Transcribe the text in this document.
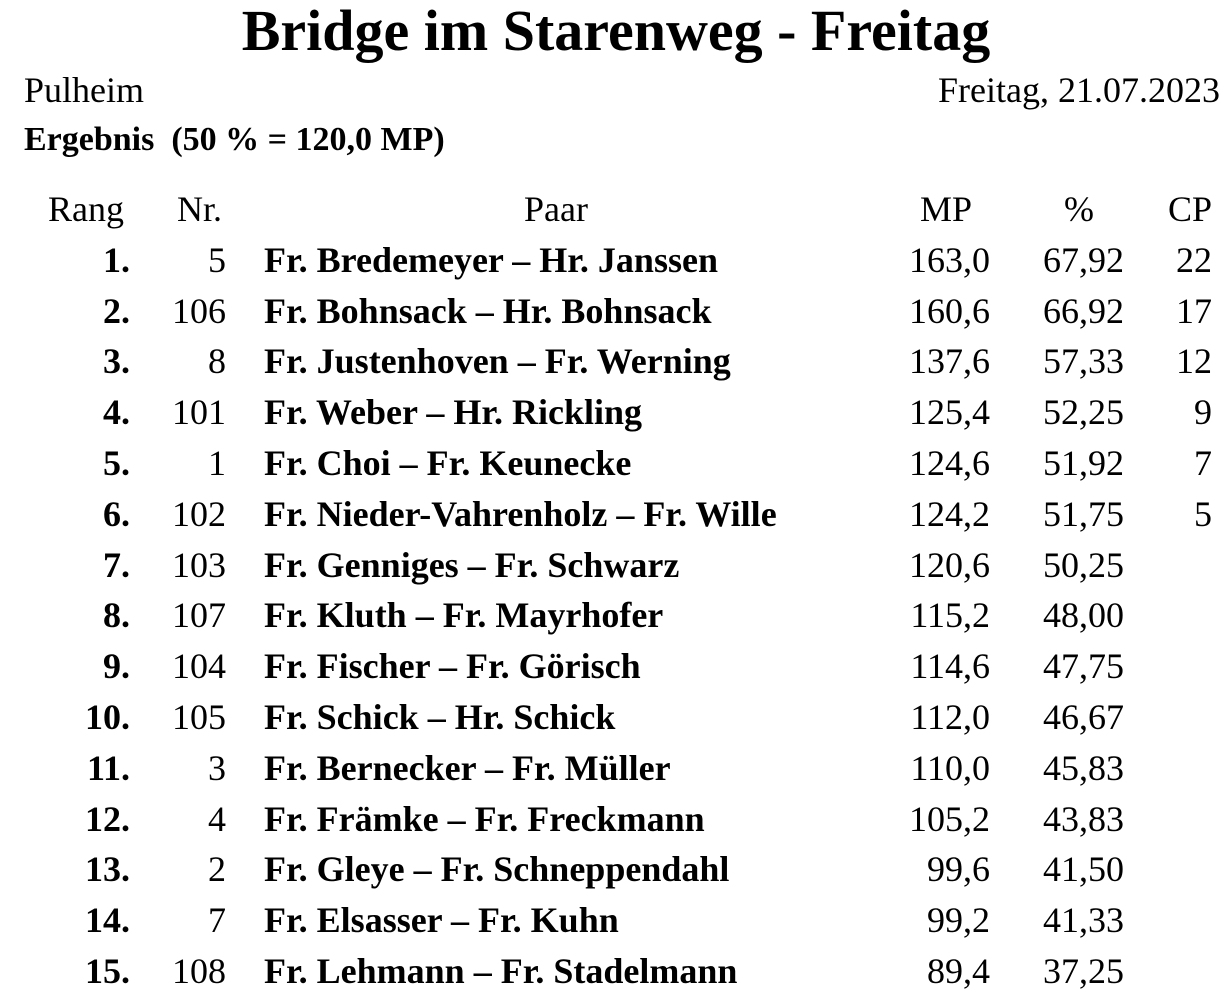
Bridge im Starenweg - Freitag
Pulheim	Freitag, 21.07.2023
Ergebnis  (50 % = 120,0 MP)
Rang Nr.	Paar	MP	% CP
1. 5 Fr. Bredemeyer – Hr. Janssen	163,0 67,92 22
2. 106 Fr. Bohnsack – Hr. Bohnsack	160,6 66,92 17
3. 8 Fr. Justenhoven – Fr. Werning	137,6 57,33 12
4. 101 Fr. Weber – Hr. Rickling	125,4 52,25 9
5. 1 Fr. Choi – Fr. Keunecke	124,6 51,92 7
6. 102 Fr. Nieder-Vahrenholz – Fr. Wille	124,2 51,75 5
7. 103 Fr. Genniges – Fr. Schwarz	120,6 50,25
8. 107 Fr. Kluth – Fr. Mayrhofer	115,2 48,00
9. 104 Fr. Fischer – Fr. Görisch	114,6 47,75
10. 105 Fr. Schick – Hr. Schick	112,0 46,67
11. 3 Fr. Bernecker – Fr. Müller	110,0 45,83
12. 4 Fr. Främke – Fr. Freckmann	105,2 43,83
13. 2 Fr. Gleye – Fr. Schneppendahl	99,6 41,50
14. 7 Fr. Elsasser – Fr. Kuhn	99,2 41,33
15. 108 Fr. Lehmann – Fr. Stadelmann	89,4 37,25
